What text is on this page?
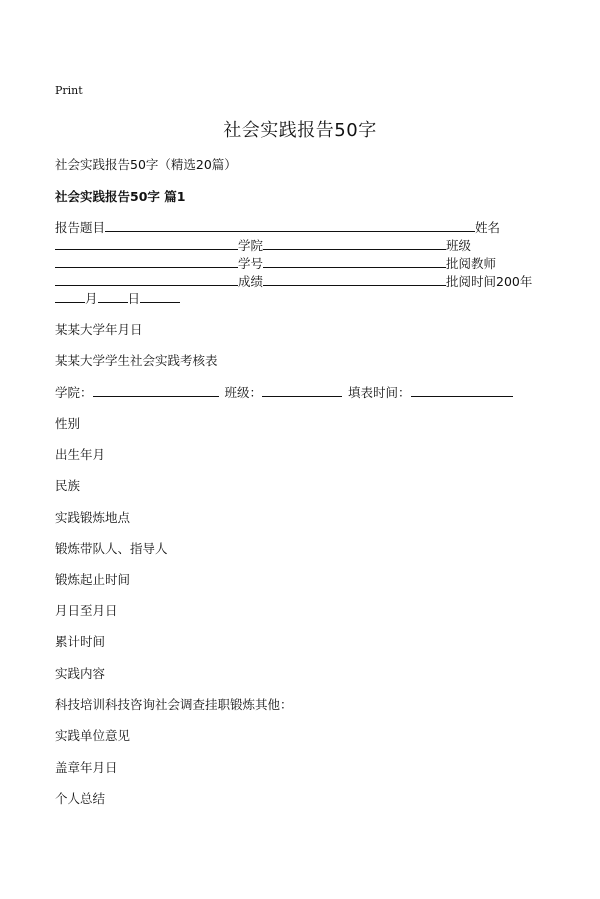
Print
社会实践报告50字
社会实践报告50字（精选20篇）
社会实践报告50字 篇1
报告题目	姓名
学院	班级
学号	批阅教师
成绩	批阅时间200年
月 日
某某大学年月日
某某大学学生社会实践考核表
学院：	班级：	填表时间：
性别
出生年月
民族
实践锻炼地点
锻炼带队人、指导人
锻炼起止时间
月日至月日
累计时间
实践内容
科技培训科技咨询社会调查挂职锻炼其他：
实践单位意见
盖章年月日
个人总结
